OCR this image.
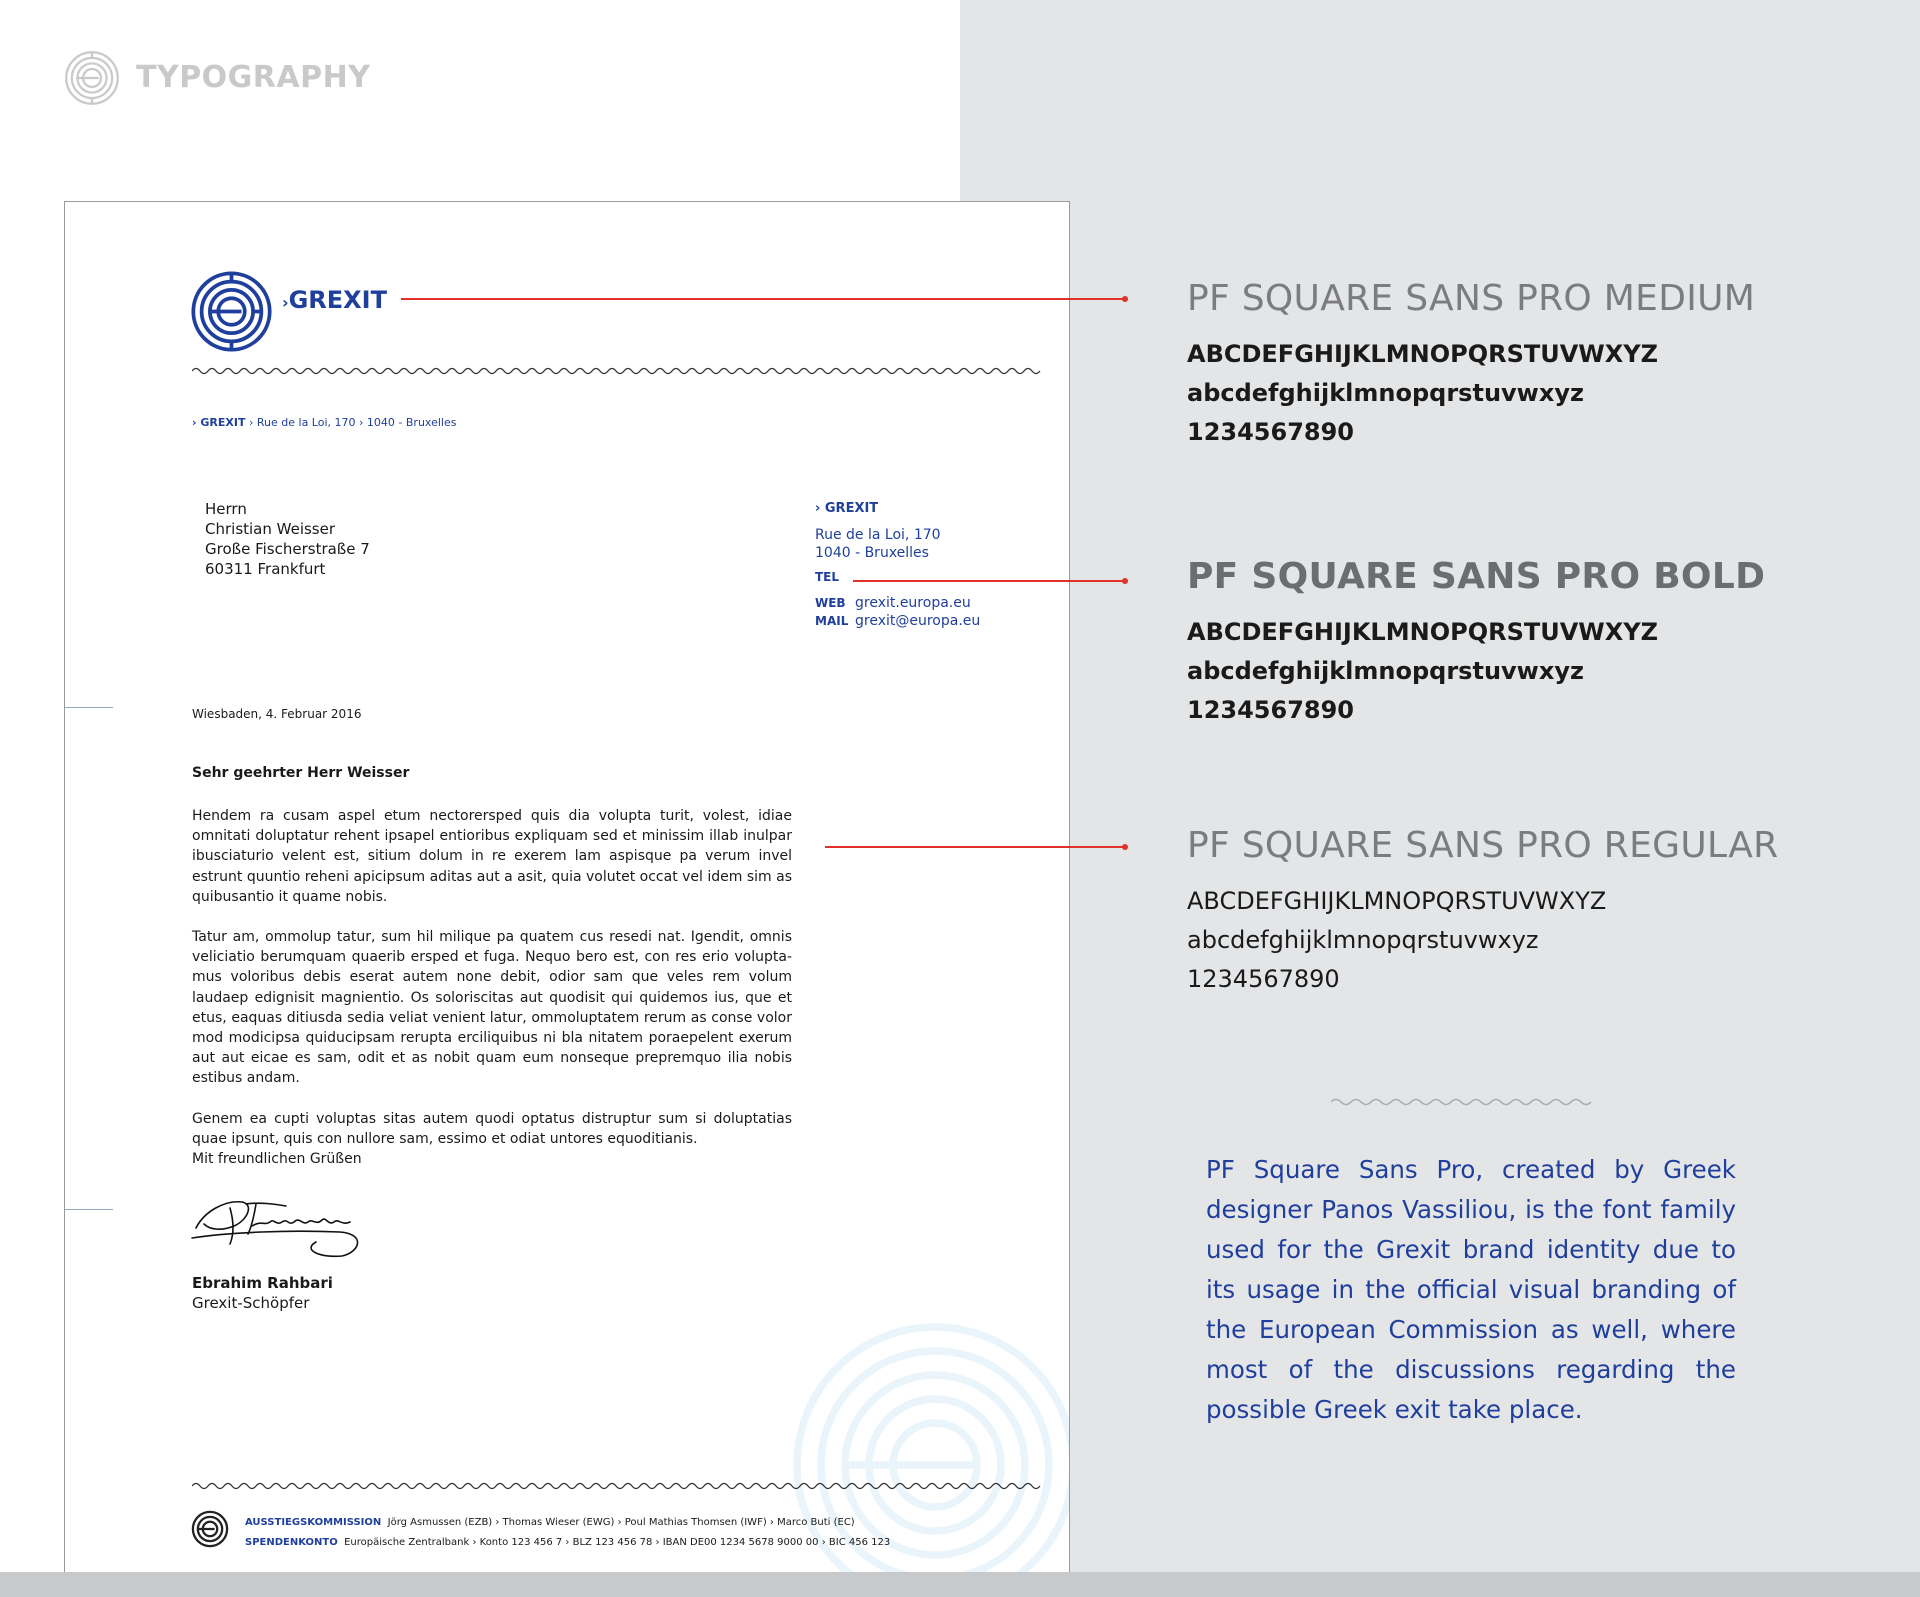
TYPOGRAPHY
›GREXIT
› GREXIT › Rue de la Loi, 170 › 1040 - Bruxelles
Herrn
Christian Weisser
Große Fischerstraße 7
60311 Frankfurt
› GREXIT
Rue de la Loi, 170
1040 - Bruxelles
TEL
WEB grexit.europa.eu
MAIL grexit@europa.eu
Wiesbaden, 4. Februar 2016
Sehr geehrter Herr Weisser

Hendem ra cusam aspel etum nectorersped quis dia volupta turit, volest, idiae omnitati doluptatur rehent ipsapel entioribus expliquam sed et minissim illab inulpar ibusciaturio velent est, sitium dolum in re exerem lam aspisque pa verum invel estrunt quuntio reheni apicipsum aditas aut a asit, quia volutet occat vel idem sim as quibusantio it quame nobis.

Tatur am, ommolup tatur, sum hil milique pa quatem cus resedi nat. Igendit, omnis veliciatio berumquam quaerib ersped et fuga. Nequo bero est, con res erio voluptamus voloribus debis eserat autem none debit, odior sam que veles rem volum laudaep edignisit magnientio. Os soloriscitas aut quodisit qui quidemos ius, que et etus, eaquas ditiusda sedia veliat venient latur, ommoluptatem rerum as conse volor mod modicipsa quiducipsam rerupta erciliquibus ni bla nitatem poraepelent exerum aut aut eicae es sam, odit et as nobit quam eum nonseque prepremquo ilia nobis estibus andam.

Genem ea cupti voluptas sitas autem quodi optatus distruptur sum si doluptatias quae ipsunt, quis con nullore sam, essimo et odiat untores equoditianis.

Mit freundlichen Grüßen
Ebrahim Rahbari
Grexit-Schöpfer
AUSSTIEGSKOMMISSION Jörg Asmussen (EZB) › Thomas Wieser (EWG) › Poul Mathias Thomsen (IWF) › Marco Buti (EC)
SPENDENKONTO Europäische Zentralbank › Konto 123 456 7 › BLZ 123 456 78 › IBAN DE00 1234 5678 9000 00 › BIC 456 123
PF SQUARE SANS PRO MEDIUM
ABCDEFGHIJKLMNOPQRSTUVWXYZ
abcdefghijklmnopqrstuvwxyz
1234567890
PF SQUARE SANS PRO BOLD
ABCDEFGHIJKLMNOPQRSTUVWXYZ
abcdefghijklmnopqrstuvwxyz
1234567890
PF SQUARE SANS PRO REGULAR
ABCDEFGHIJKLMNOPQRSTUVWXYZ
abcdefghijklmnopqrstuvwxyz
1234567890
PF Square Sans Pro, created by Greek designer Panos Vassiliou, is the font family used for the Grexit brand identity due to its usage in the official visual branding of the European Commission as well, where most of the discussions regarding the possible Greek exit take place.
